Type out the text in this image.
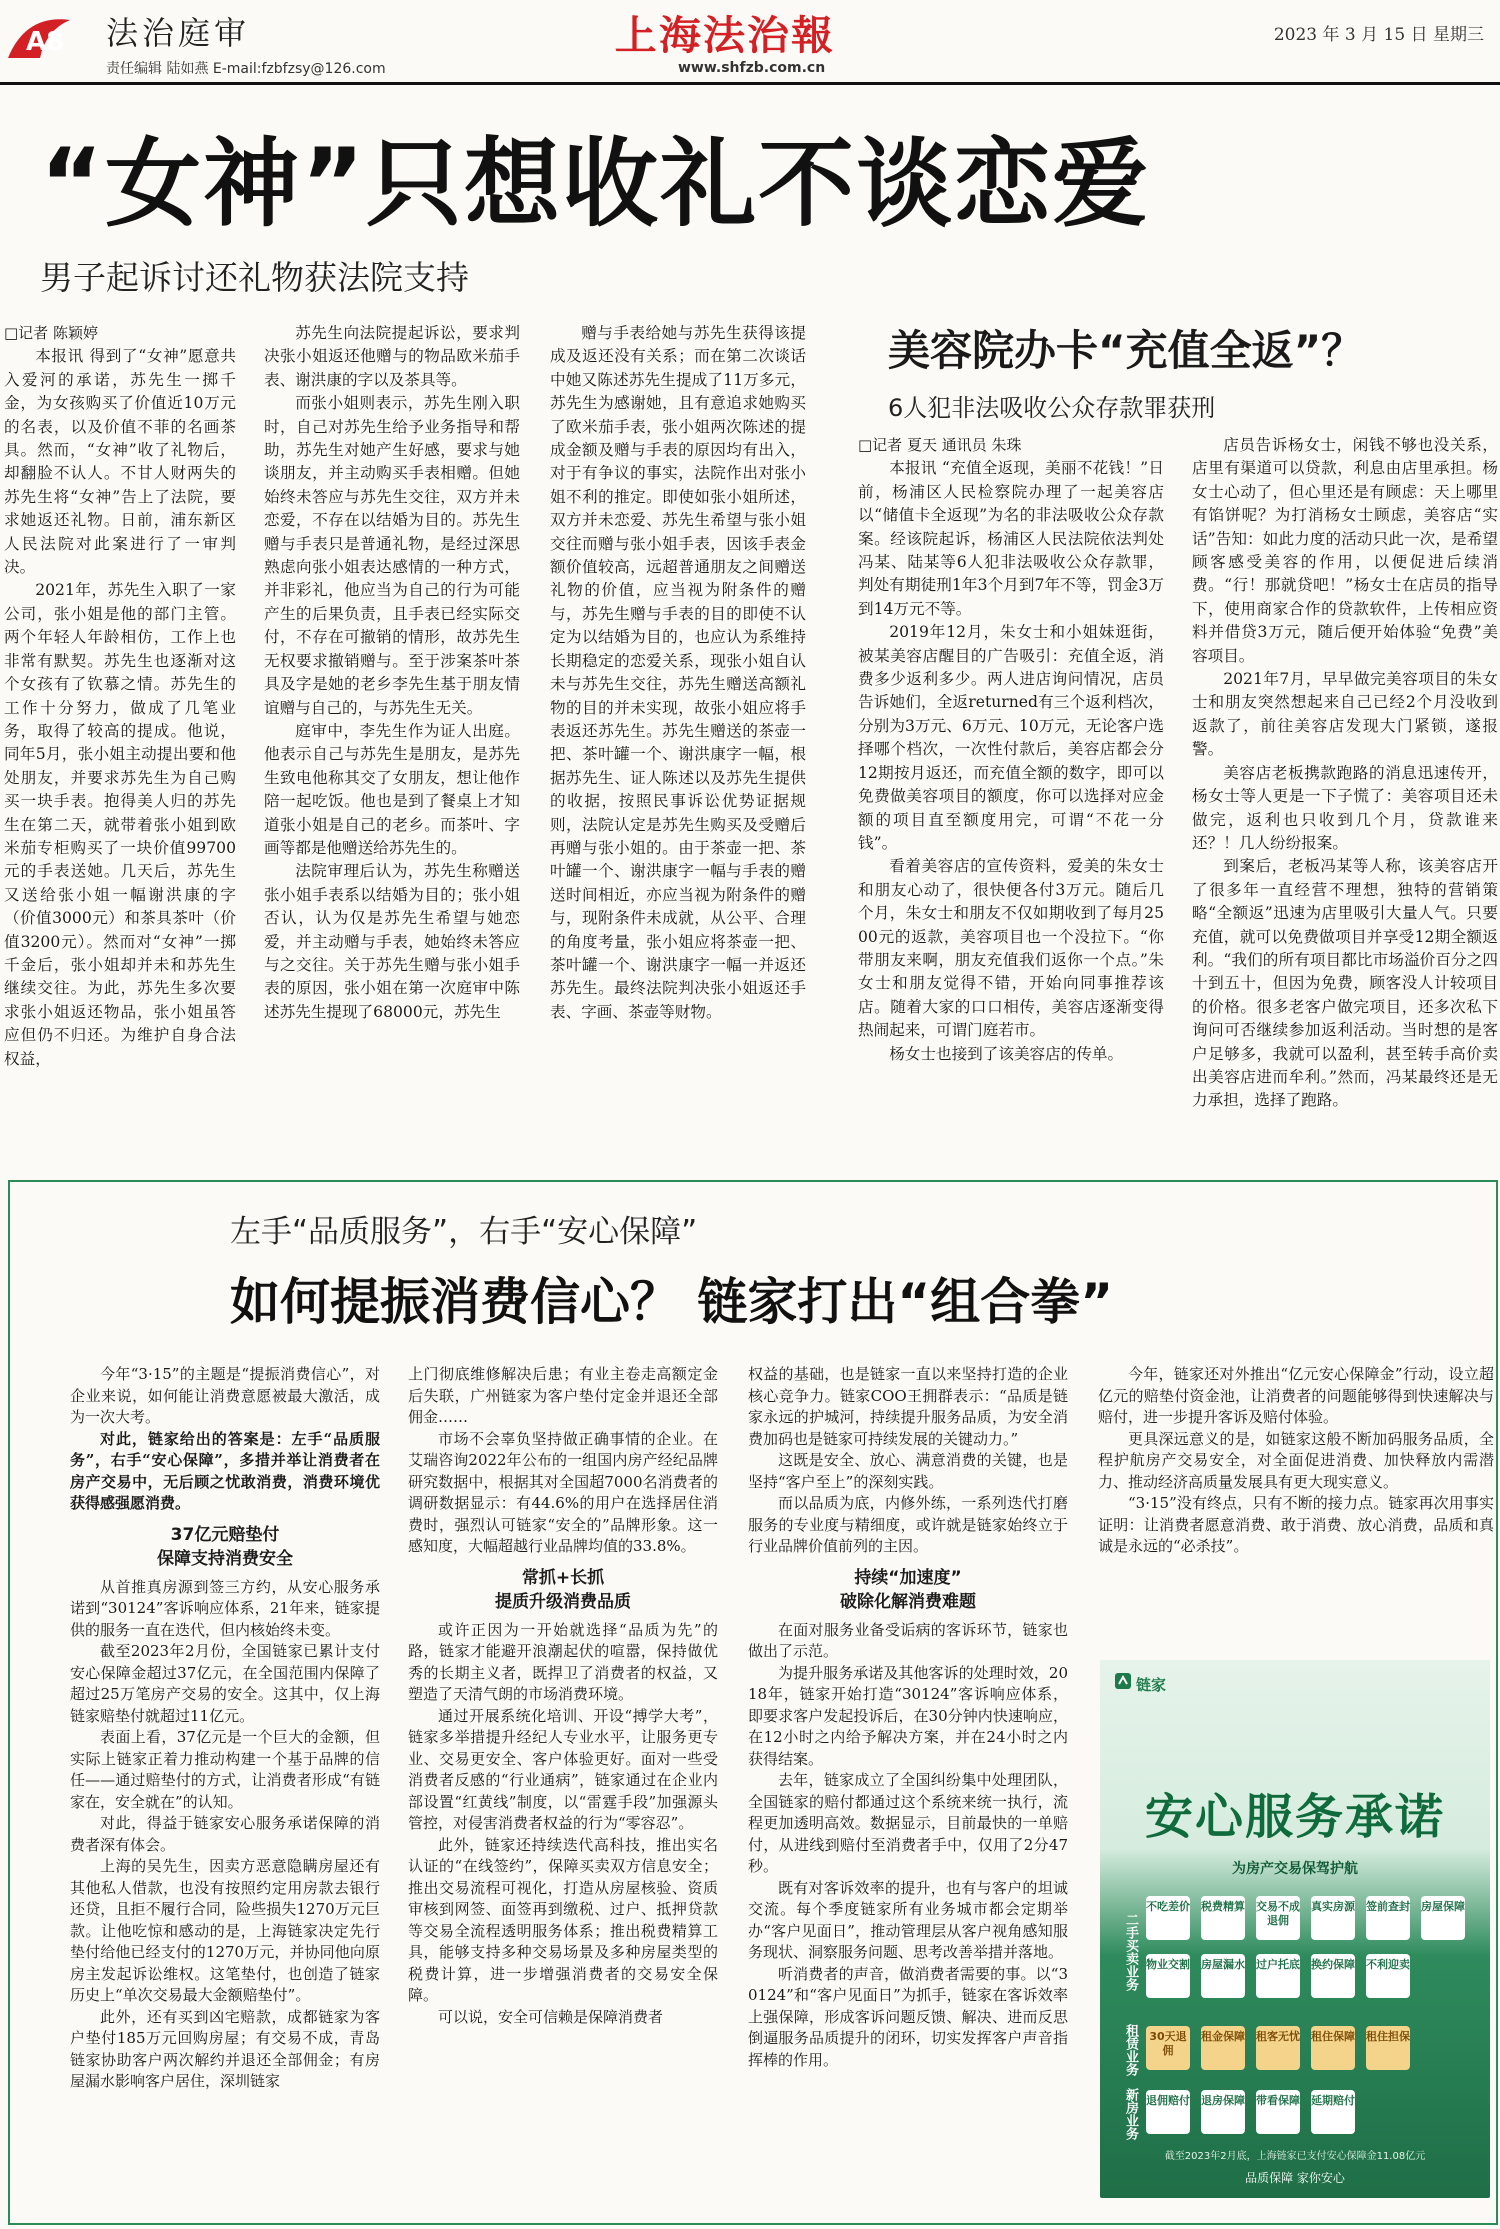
A8 法治庭审
责任编辑 陆如燕 E-mail:fzbfzsy@126.com
上海法治報
www.shfzb.com.cn
2023 年 3 月 15 日 星期三
“女神”只想收礼不谈恋爱
男子起诉讨还礼物获法院支持

□记者 陈颖婷

本报讯 得到了“女神”愿意共入爱河的承诺，苏先生一掷千金，为女孩购买了价值近10万元的名表，以及价值不菲的名画茶具。然而，“女神”收了礼物后，却翻脸不认人。不甘人财两失的苏先生将“女神”告上了法院，要求她返还礼物。日前，浦东新区人民法院对此案进行了一审判决。

2021年，苏先生入职了一家公司，张小姐是他的部门主管。两个年轻人年龄相仿，工作上也非常有默契。苏先生也逐渐对这个女孩有了钦慕之情。苏先生的工作十分努力，做成了几笔业务，取得了较高的提成。他说，同年5月，张小姐主动提出要和他处朋友，并要求苏先生为自己购买一块手表。抱得美人归的苏先生在第二天，就带着张小姐到欧米茄专柜购买了一块价值99700元的手表送她。几天后，苏先生又送给张小姐一幅谢洪康的字（价值3000元）和茶具茶叶（价值3200元）。然而对“女神”一掷千金后，张小姐却并未和苏先生继续交往。为此，苏先生多次要求张小姐返还物品，张小姐虽答应但仍不归还。为维护自身合法权益，

苏先生向法院提起诉讼，要求判决张小姐返还他赠与的物品欧米茄手表、谢洪康的字以及茶具等。

而张小姐则表示，苏先生刚入职时，自己对苏先生给予业务指导和帮助，苏先生对她产生好感，要求与她谈朋友，并主动购买手表相赠。但她始终未答应与苏先生交往，双方并未恋爱，不存在以结婚为目的。苏先生赠与手表只是普通礼物，是经过深思熟虑向张小姐表达感情的一种方式，并非彩礼，他应当为自己的行为可能产生的后果负责，且手表已经实际交付，不存在可撤销的情形，故苏先生无权要求撤销赠与。至于涉案茶叶茶具及字是她的老乡李先生基于朋友情谊赠与自己的，与苏先生无关。

庭审中，李先生作为证人出庭。他表示自己与苏先生是朋友，是苏先生致电他称其交了女朋友，想让他作陪一起吃饭。他也是到了餐桌上才知道张小姐是自己的老乡。而茶叶、字画等都是他赠送给苏先生的。

法院审理后认为，苏先生称赠送张小姐手表系以结婚为目的；张小姐否认，认为仅是苏先生希望与她恋爱，并主动赠与手表，她始终未答应与之交往。关于苏先生赠与张小姐手表的原因，张小姐在第一次庭审中陈述苏先生提现了68000元，苏先生

赠与手表给她与苏先生获得该提成及返还没有关系；而在第二次谈话中她又陈述苏先生提成了11万多元，苏先生为感谢她，且有意追求她购买了欧米茄手表，张小姐两次陈述的提成金额及赠与手表的原因均有出入，对于有争议的事实，法院作出对张小姐不利的推定。即使如张小姐所述，双方并未恋爱、苏先生希望与张小姐交往而赠与张小姐手表，因该手表金额价值较高，远超普通朋友之间赠送礼物的价值，应当视为附条件的赠与，苏先生赠与手表的目的即使不认定为以结婚为目的，也应认为系维持长期稳定的恋爱关系，现张小姐自认未与苏先生交往，苏先生赠送高额礼物的目的并未实现，故张小姐应将手表返还苏先生。苏先生赠送的茶壶一把、茶叶罐一个、谢洪康字一幅，根据苏先生、证人陈述以及苏先生提供的收据，按照民事诉讼优势证据规则，法院认定是苏先生购买及受赠后再赠与张小姐的。由于茶壶一把、茶叶罐一个、谢洪康字一幅与手表的赠送时间相近，亦应当视为附条件的赠与，现附条件未成就，从公平、合理的角度考量，张小姐应将茶壶一把、茶叶罐一个、谢洪康字一幅一并返还苏先生。最终法院判决张小姐返还手表、字画、茶壶等财物。

美容院办卡“充值全返”？
6人犯非法吸收公众存款罪获刑

□记者 夏天 通讯员 朱珠

本报讯 “充值全返现，美丽不花钱！”日前，杨浦区人民检察院办理了一起美容店以“储值卡全返现”为名的非法吸收公众存款案。经该院起诉，杨浦区人民法院依法判处冯某、陆某等6人犯非法吸收公众存款罪，判处有期徒刑1年3个月到7年不等，罚金3万到14万元不等。

2019年12月，朱女士和小姐妹逛街，被某美容店醒目的广告吸引：充值全返，消费多少返利多少。两人进店询问情况，店员告诉她们，全返returned有三个返利档次，分别为3万元、6万元、10万元，无论客户选择哪个档次，一次性付款后，美容店都会分12期按月返还，而充值全额的数字，即可以免费做美容项目的额度，你可以选择对应金额的项目直至额度用完，可谓“不花一分钱”。

看着美容店的宣传资料，爱美的朱女士和朋友心动了，很快便各付3万元。随后几个月，朱女士和朋友不仅如期收到了每月2500元的返款，美容项目也一个没拉下。“你带朋友来啊，朋友充值我们返你一个点。”朱女士和朋友觉得不错，开始向同事推荐该店。随着大家的口口相传，美容店逐渐变得热闹起来，可谓门庭若市。

杨女士也接到了该美容店的传单。

店员告诉杨女士，闲钱不够也没关系，店里有渠道可以贷款，利息由店里承担。杨女士心动了，但心里还是有顾虑：天上哪里有馅饼呢？为打消杨女士顾虑，美容店“实话”告知：如此力度的活动只此一次，是希望顾客感受美容的作用，以便促进后续消费。“行！那就贷吧！”杨女士在店员的指导下，使用商家合作的贷款软件，上传相应资料并借贷3万元，随后便开始体验“免费”美容项目。

2021年7月，早早做完美容项目的朱女士和朋友突然想起来自己已经2个月没收到返款了，前往美容店发现大门紧锁，遂报警。

美容店老板携款跑路的消息迅速传开，杨女士等人更是一下子慌了：美容项目还未做完，返利也只收到几个月，贷款谁来还？！几人纷纷报案。

到案后，老板冯某等人称，该美容店开了很多年一直经营不理想，独特的营销策略“全额返”迅速为店里吸引大量人气。只要充值，就可以免费做项目并享受12期全额返利。“我们的所有项目都比市场溢价百分之四十到五十，但因为免费，顾客没人计较项目的价格。很多老客户做完项目，还多次私下询问可否继续参加返利活动。当时想的是客户足够多，我就可以盈利，甚至转手高价卖出美容店进而牟利。”然而，冯某最终还是无力承担，选择了跑路。

左手“品质服务”，右手“安心保障”
如何提振消费信心？ 链家打出“组合拳”

今年“3·15”的主题是“提振消费信心”，对企业来说，如何能让消费意愿被最大激活，成为一次大考。

对此，链家给出的答案是：左手“品质服务”，右手“安心保障”，多措并举让消费者在房产交易中，无后顾之忧敢消费，消费环境优获得感强愿消费。

37亿元赔垫付
保障支持消费安全

从首推真房源到签三方约，从安心服务承诺到“30124”客诉响应体系，21年来，链家提供的服务一直在迭代，但内核始终未变。

截至2023年2月份，全国链家已累计支付安心保障金超过37亿元，在全国范围内保障了超过25万笔房产交易的安全。这其中，仅上海链家赔垫付就超过11亿元。

表面上看，37亿元是一个巨大的金额，但实际上链家正着力推动构建一个基于品牌的信任——通过赔垫付的方式，让消费者形成“有链家在，安全就在”的认知。

对此，得益于链家安心服务承诺保障的消费者深有体会。

上海的吴先生，因卖方恶意隐瞒房屋还有其他私人借款，也没有按照约定用房款去银行还贷，且拒不履行合同，险些损失1270万元巨款。让他吃惊和感动的是，上海链家决定先行垫付给他已经支付的1270万元，并协同他向原房主发起诉讼维权。这笔垫付，也创造了链家历史上“单次交易最大金额赔垫付”。

此外，还有买到凶宅赔款，成都链家为客户垫付185万元回购房屋；有交易不成，青岛链家协助客户两次解约并退还全部佣金；有房屋漏水影响客户居住，深圳链家

上门彻底维修解决后患；有业主卷走高额定金后失联，广州链家为客户垫付定金并退还全部佣金……

市场不会辜负坚持做正确事情的企业。在艾瑞咨询2022年公布的一组国内房产经纪品牌研究数据中，根据其对全国超7000名消费者的调研数据显示：有44.6%的用户在选择居住消费时，强烈认可链家“安全的”品牌形象。这一感知度，大幅超越行业品牌均值的33.8%。

常抓+长抓
提质升级消费品质

或许正因为一开始就选择“品质为先”的路，链家才能避开浪潮起伏的喧嚣，保持做优秀的长期主义者，既捍卫了消费者的权益，又塑造了天清气朗的市场消费环境。

通过开展系统化培训、开设“搏学大考”，链家多举措提升经纪人专业水平，让服务更专业、交易更安全、客户体验更好。面对一些受消费者反感的“行业通病”，链家通过在企业内部设置“红黄线”制度，以“雷霆手段”加强源头管控，对侵害消费者权益的行为“零容忍”。

此外，链家还持续迭代高科技，推出实名认证的“在线签约”，保障买卖双方信息安全；推出交易流程可视化，打造从房屋核验、资质审核到网签、面签再到缴税、过户、抵押贷款等交易全流程透明服务体系；推出税费精算工具，能够支持多种交易场景及多种房屋类型的税费计算，进一步增强消费者的交易安全保障。

可以说，安全可信赖是保障消费者

权益的基础，也是链家一直以来坚持打造的企业核心竞争力。链家COO王拥群表示：“品质是链家永远的护城河，持续提升服务品质，为安全消费加码也是链家可持续发展的关键动力。”

这既是安全、放心、满意消费的关键，也是坚持“客户至上”的深刻实践。

而以品质为底，内修外练，一系列迭代打磨服务的专业度与精细度，或许就是链家始终立于行业品牌价值前列的主因。

持续“加速度”
破除化解消费难题

在面对服务业备受诟病的客诉环节，链家也做出了示范。

为提升服务承诺及其他客诉的处理时效，2018年，链家开始打造“30124”客诉响应体系，即要求客户发起投诉后，在30分钟内快速响应，在12小时之内给予解决方案，并在24小时之内获得结案。

去年，链家成立了全国纠纷集中处理团队，全国链家的赔付都通过这个系统来统一执行，流程更加透明高效。数据显示，目前最快的一单赔付，从进线到赔付至消费者手中，仅用了2分47秒。

既有对客诉效率的提升，也有与客户的坦诚交流。每个季度链家所有业务城市都会定期举办“客户见面日”，推动管理层从客户视角感知服务现状、洞察服务问题、思考改善举措并落地。

听消费者的声音，做消费者需要的事。以“30124”和“客户见面日”为抓手，链家在客诉效率上强保障，形成客诉问题反馈、解决、进而反思倒逼服务品质提升的闭环，切实发挥客户声音指挥棒的作用。

今年，链家还对外推出“亿元安心保障金”行动，设立超亿元的赔垫付资金池，让消费者的问题能够得到快速解决与赔付，进一步提升客诉及赔付体验。

更具深远意义的是，如链家这般不断加码服务品质，全程护航房产交易安全，对全面促进消费、加快释放内需潜力、推动经济高质量发展具有更大现实意义。

“3·15”没有终点，只有不断的接力点。链家再次用事实证明：让消费者愿意消费、敢于消费、放心消费，品质和真诚是永远的“必杀技”。

链家
安心服务承诺
为房产交易保驾护航
二手买卖业务
不吃差价 税费精算 交易不成退佣
真实房源 签前查封 房屋保障
物业交割 房屋漏水 过户托底 换约保障 不利迎卖
租赁业务	30天退佣
租金保障 租客无忧 租住保障 租住担保
新房业务 退佣赔付 退房保障 带看保障 延期赔付
截至2023年2月底，上海链家已支付安心保障金11.08亿元
品质保障 家你安心
